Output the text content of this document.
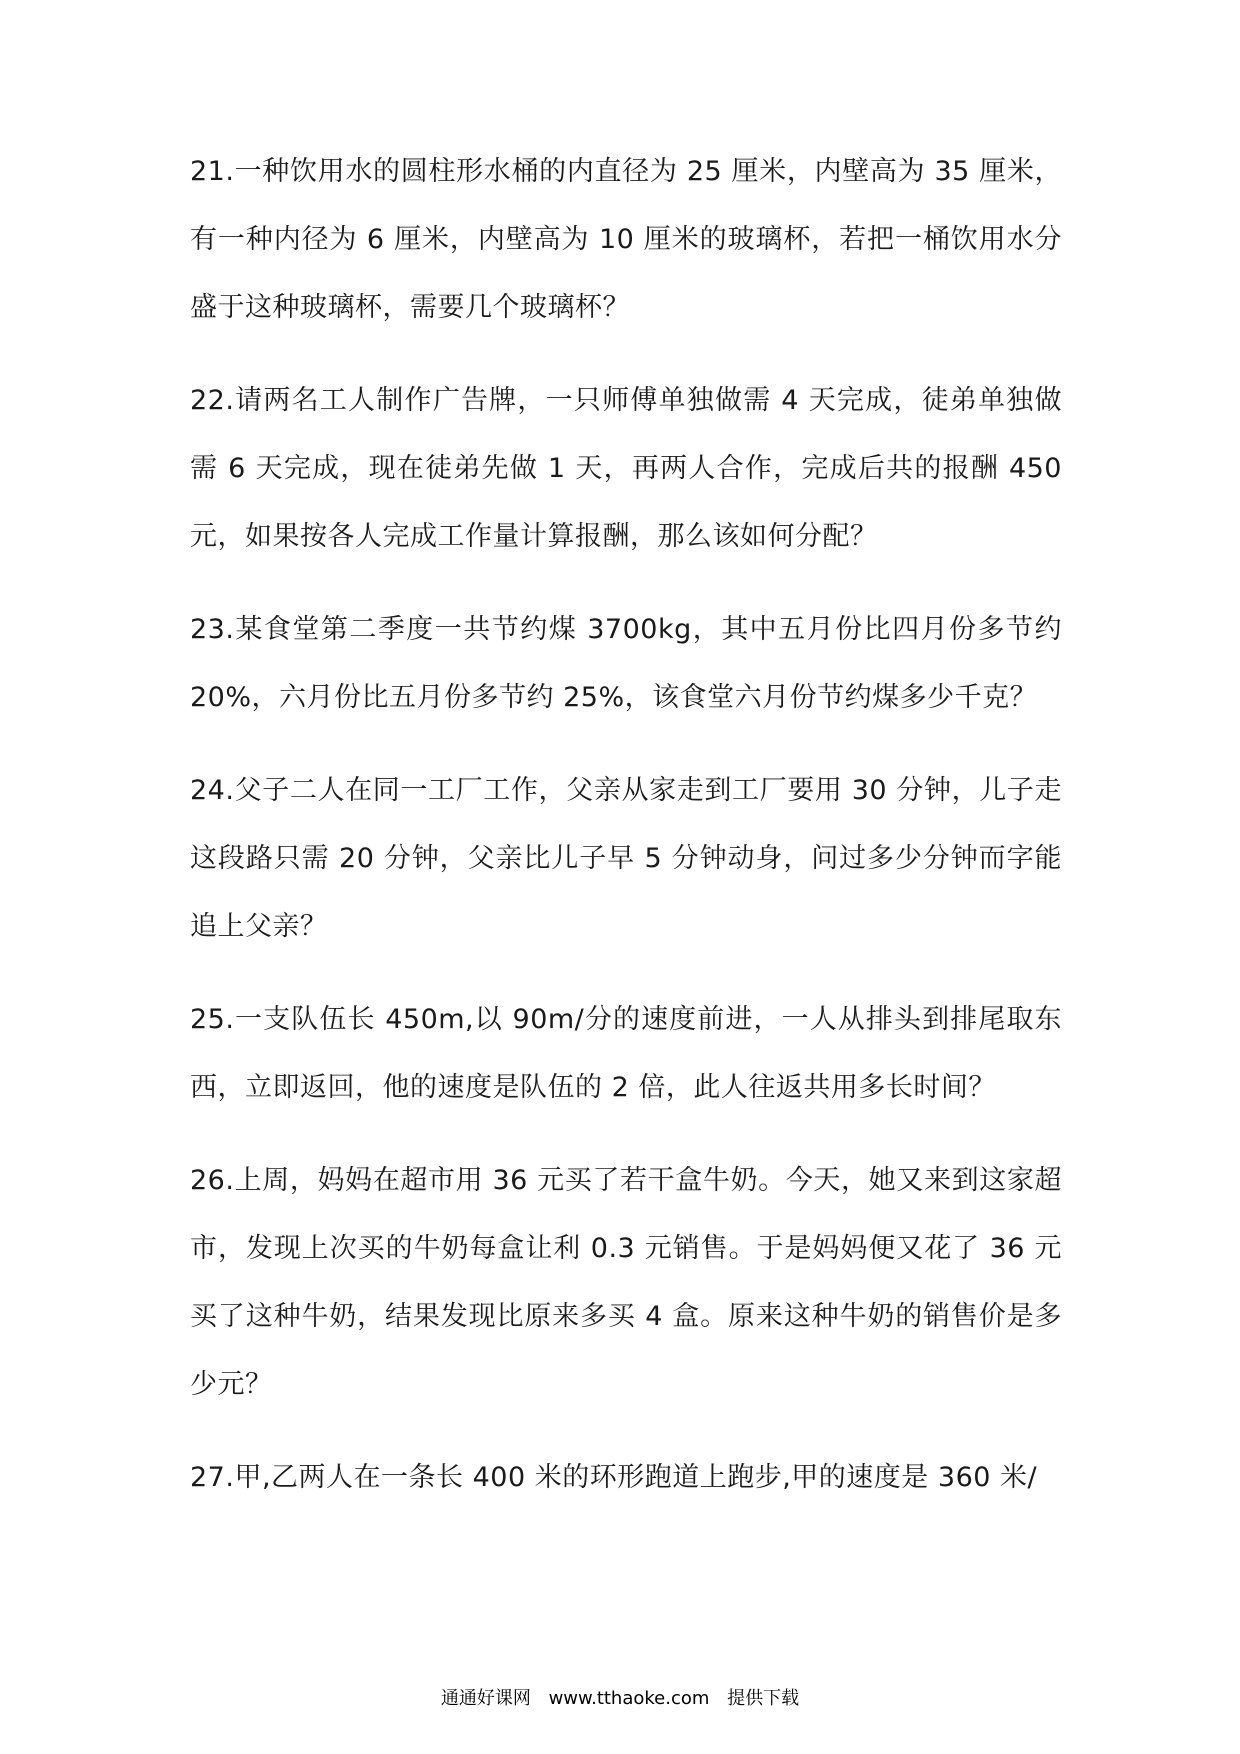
21.一种饮用水的圆柱形水桶的内直径为 25 厘米，内壁高为 35 厘米，有一种内径为 6 厘米，内壁高为 10 厘米的玻璃杯，若把一桶饮用水分盛于这种玻璃杯，需要几个玻璃杯？

22.请两名工人制作广告牌，一只师傅单独做需 4 天完成，徒弟单独做需 6 天完成，现在徒弟先做 1 天，再两人合作，完成后共的报酬 450 元，如果按各人完成工作量计算报酬，那么该如何分配？

23.某食堂第二季度一共节约煤 3700kg，其中五月份比四月份多节约 20%，六月份比五月份多节约 25%，该食堂六月份节约煤多少千克？

24.父子二人在同一工厂工作，父亲从家走到工厂要用 30 分钟，儿子走这段路只需 20 分钟，父亲比儿子早 5 分钟动身，问过多少分钟而字能追上父亲？

25.一支队伍长 450m,以 90m/分的速度前进，一人从排头到排尾取东西，立即返回，他的速度是队伍的 2 倍，此人往返共用多长时间？

26.上周，妈妈在超市用 36 元买了若干盒牛奶。今天，她又来到这家超市，发现上次买的牛奶每盒让利 0.3 元销售。于是妈妈便又花了 36 元买了这种牛奶，结果发现比原来多买 4 盒。原来这种牛奶的销售价是多少元？

27.甲,乙两人在一条长 400 米的环形跑道上跑步,甲的速度是 360 米/

通通好课网 www.tthaoke.com 提供下载
